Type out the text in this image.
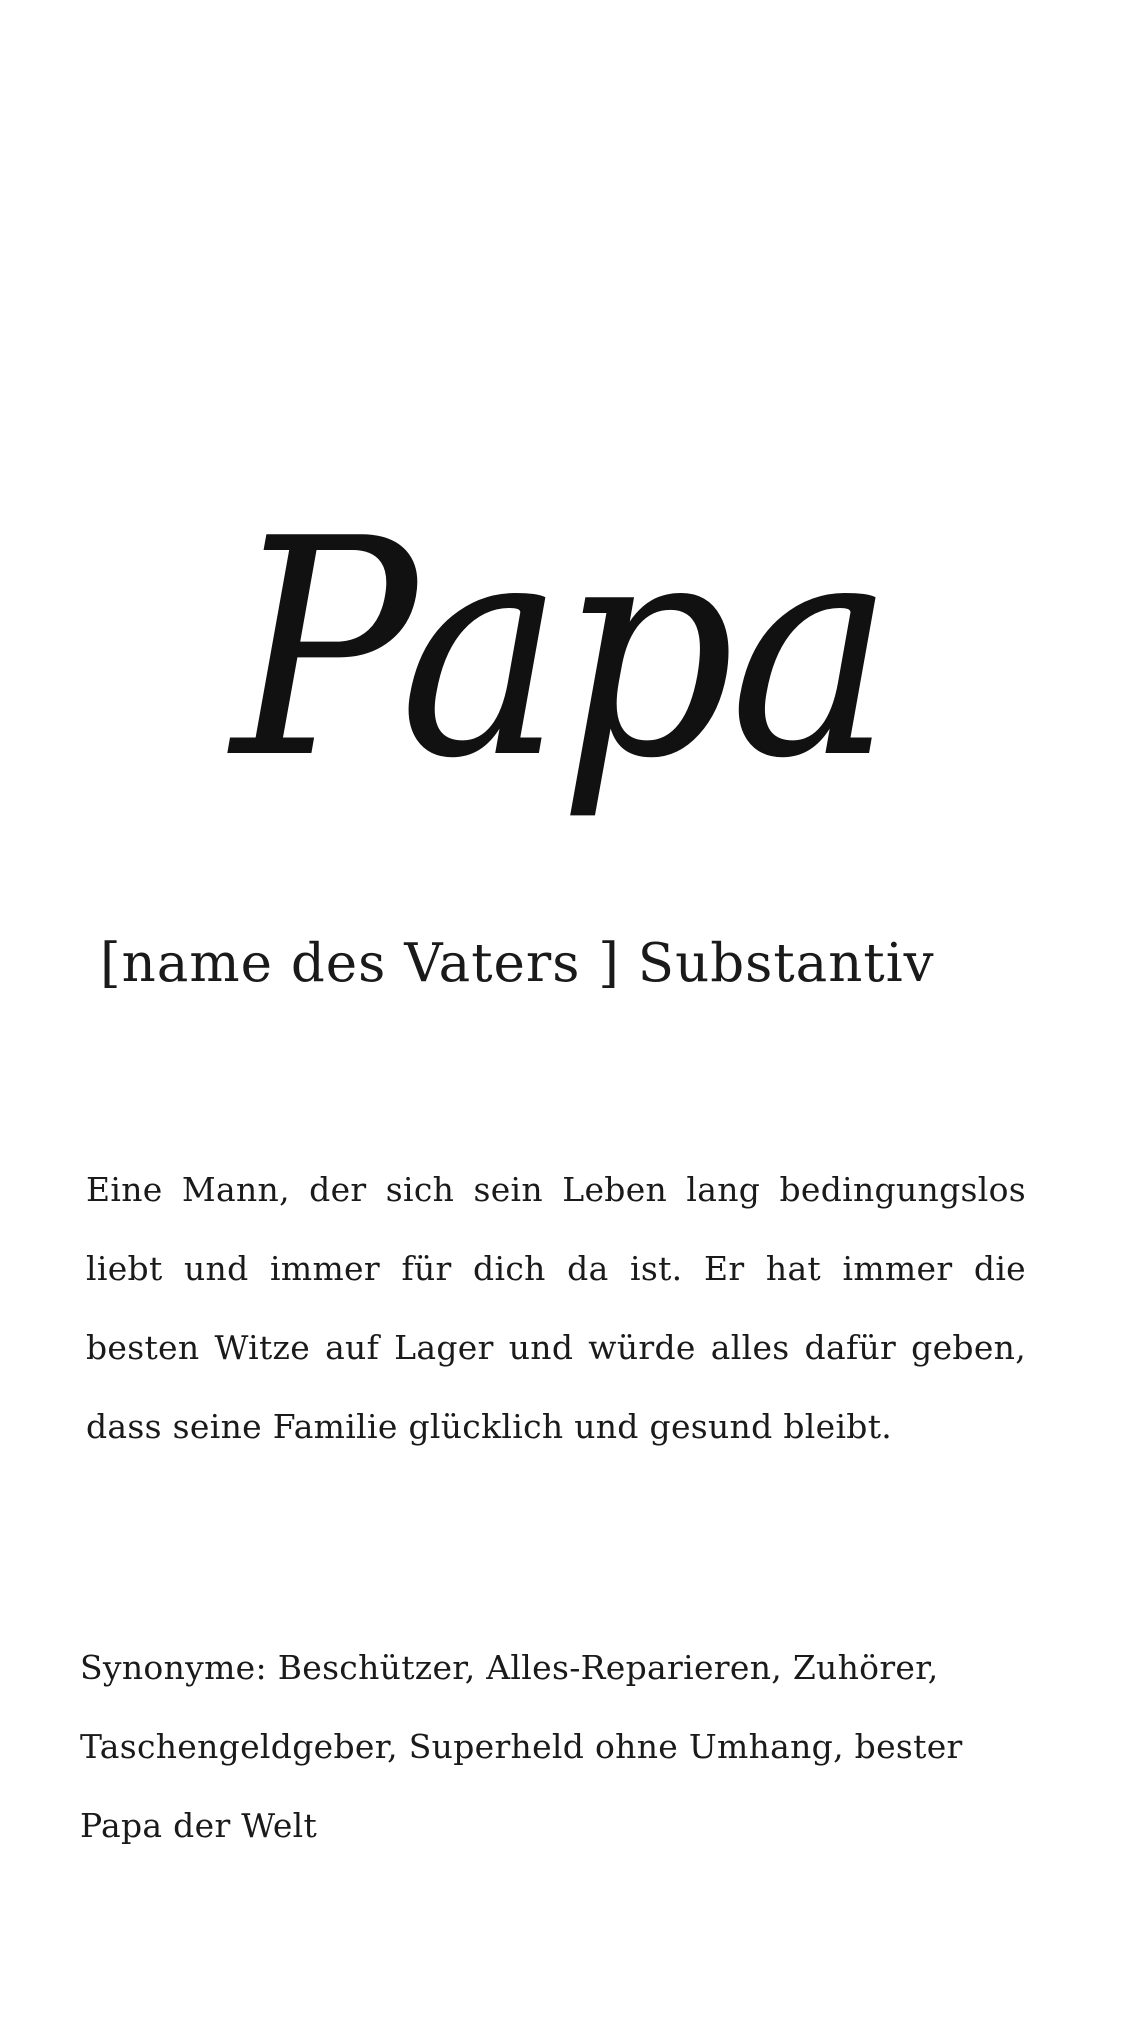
Papa
[name des Vaters ] Substantiv
Eine Mann, der sich sein Leben lang bedingungslos liebt und immer für dich da ist. Er hat immer die besten Witze auf Lager und würde alles dafür geben, dass seine Familie glücklich und gesund bleibt.
Synonyme: Beschützer, Alles-Reparieren, Zuhörer, Taschengeldgeber, Superheld ohne Umhang, bester Papa der Welt
